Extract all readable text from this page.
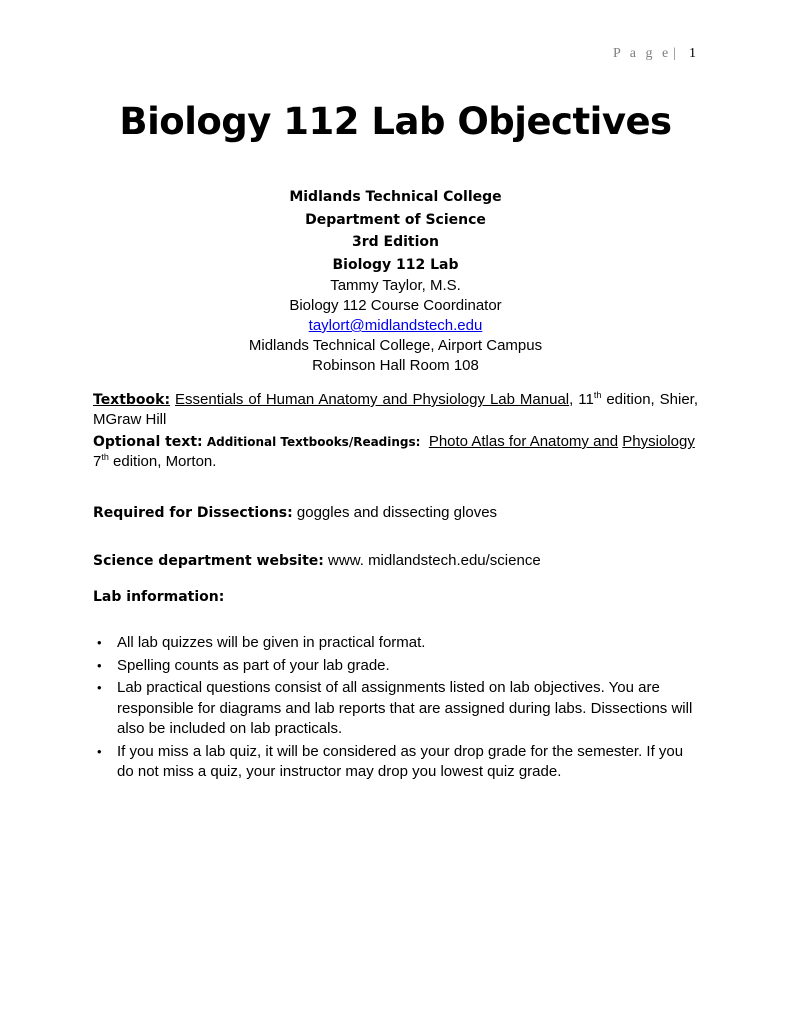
P a g e | 1
Biology 112 Lab Objectives
Midlands Technical College
Department of Science
3rd Edition
Biology 112 Lab
Tammy Taylor, M.S.
Biology 112 Course Coordinator
taylort@midlandstech.edu
Midlands Technical College, Airport Campus
Robinson Hall Room 108

Textbook: Essentials of Human Anatomy and Physiology Lab Manual, 11th edition, Shier, MGraw Hill

Optional text: Additional Textbooks/Readings: Photo Atlas for Anatomy and Physiology 7th edition, Morton.

Required for Dissections: goggles and dissecting gloves

Science department website: www. midlandstech.edu/science

Lab information:

• All lab quizzes will be given in practical format.
• Spelling counts as part of your lab grade.
• Lab practical questions consist of all assignments listed on lab objectives. You are responsible for diagrams and lab reports that are assigned during labs. Dissections will also be included on lab practicals.
• If you miss a lab quiz, it will be considered as your drop grade for the semester. If you do not miss a quiz, your instructor may drop you lowest quiz grade.
